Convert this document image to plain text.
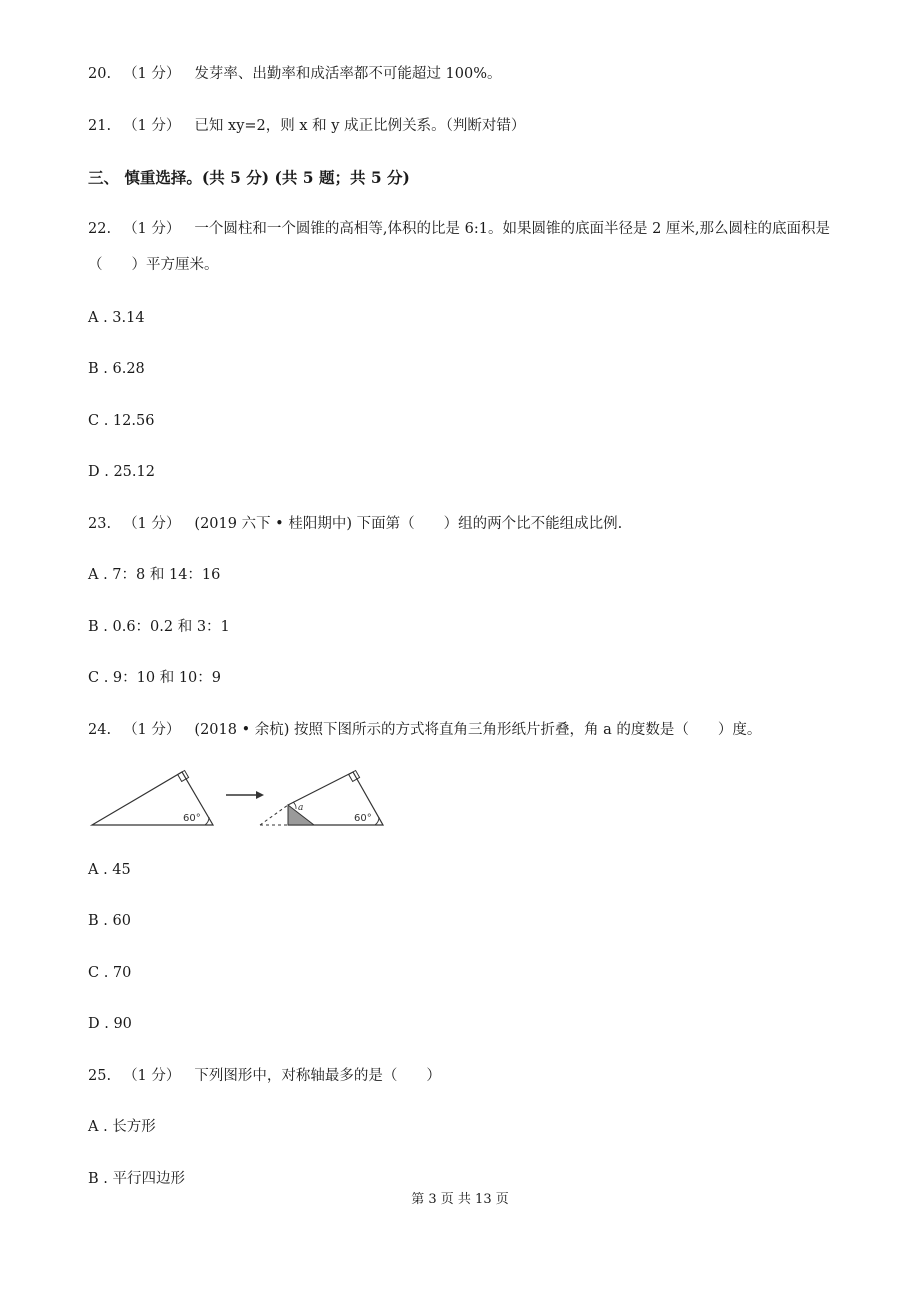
20. （1 分） 发芽率、出勤率和成活率都不可能超过 100%。
21. （1 分） 已知 xy=2，则 x 和 y 成正比例关系。（判断对错）
三、 慎重选择。(共 5 分) (共 5 题；共 5 分)
22. （1 分） 一个圆柱和一个圆锥的高相等,体积的比是 6:1。如果圆锥的底面半径是 2 厘米,那么圆柱的底面积是（　　）平方厘米。
A . 3.14
B . 6.28
C . 12.56
D . 25.12
23. （1 分） (2019 六下 • 桂阳期中) 下面第（　　）组的两个比不能组成比例.
A . 7：8 和 14：16
B . 0.6：0.2 和 3：1
C . 9：10 和 10：9
24. （1 分） (2018 • 余杭) 按照下图所示的方式将直角三角形纸片折叠，角 a 的度数是（　　）度。
60°
a
60°
A . 45
B . 60
C . 70
D . 90
25. （1 分） 下列图形中，对称轴最多的是（　　）
A . 长方形
B . 平行四边形
第 3 页 共 13 页
